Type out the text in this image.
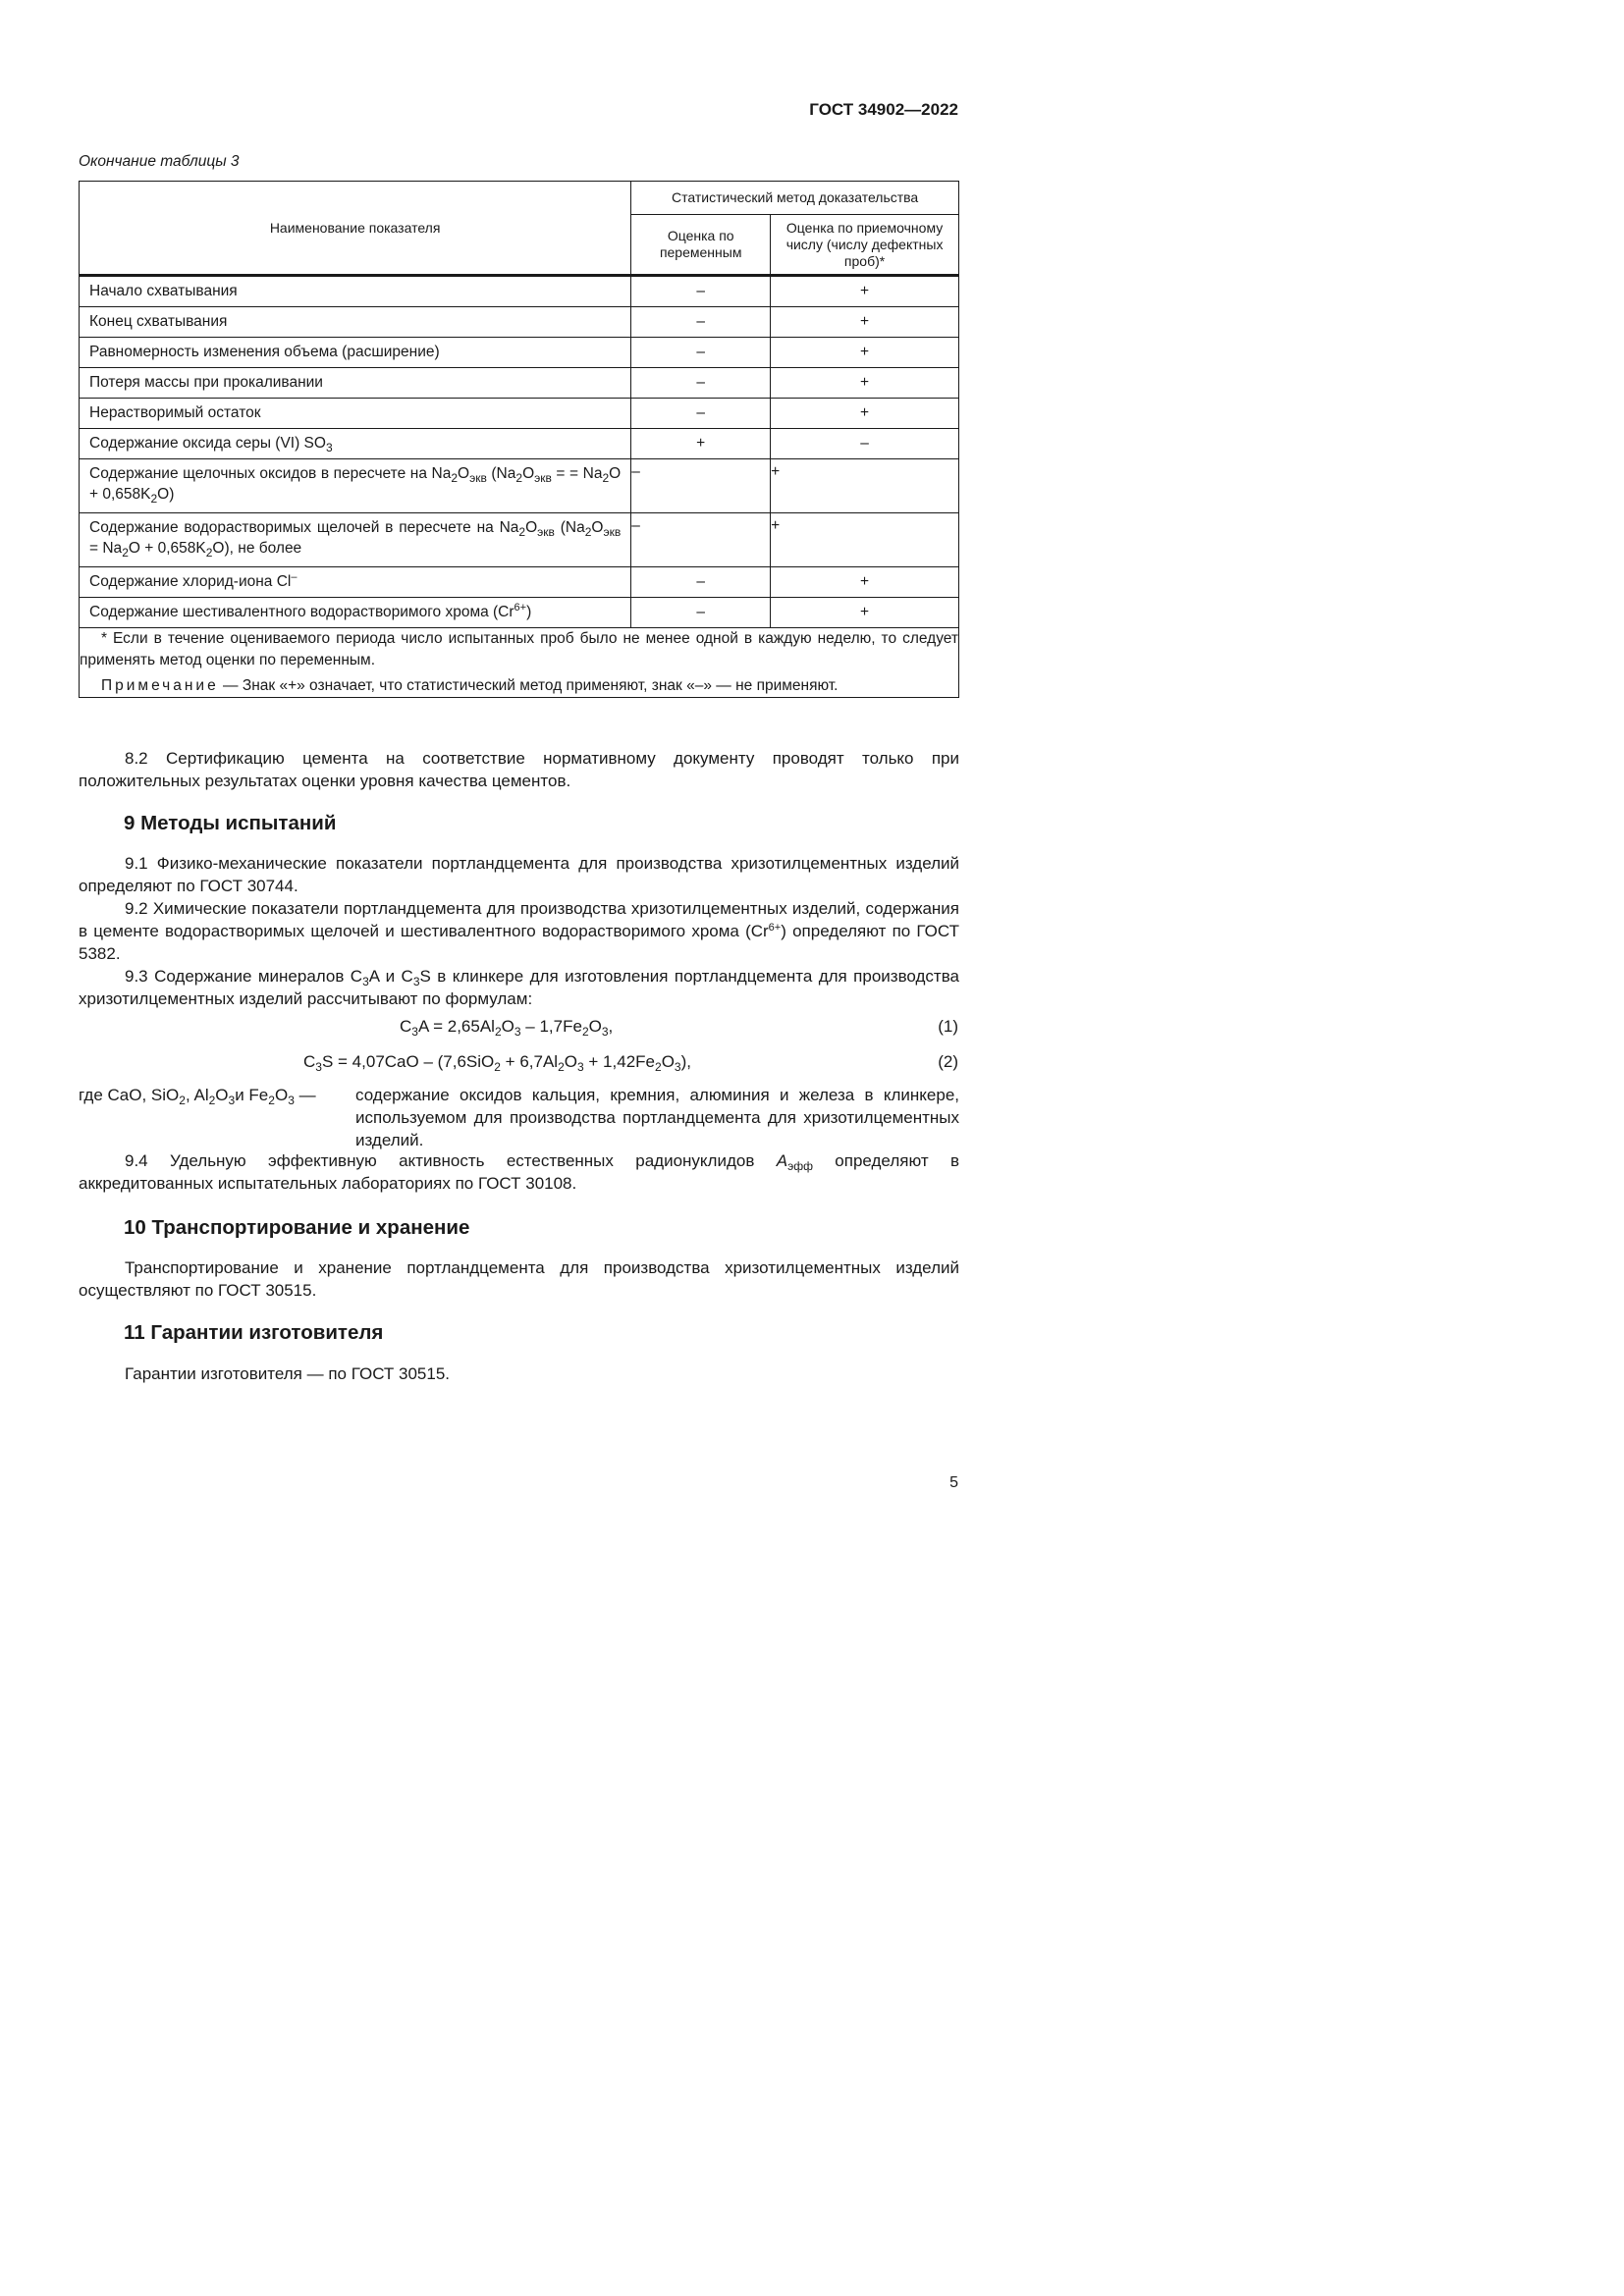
ГОСТ 34902—2022
Окончание таблицы 3
Наименование показателя	Статистический метод доказательства	
	Оценка по переменным	Оценка по приемочному числу (числу дефектных проб)*
Начало схватывания	–	+
Конец схватывания	–	+
Равномерность изменения объема (расширение)	–	+
Потеря массы при прокаливании	–	+
Нерастворимый остаток	–	+
Содержание оксида серы (VI) $SO_3$	+	–
Содержание щелочных оксидов в пересчете на $Na_2O_{экв}$ ($Na_2O_{экв}$ = = $Na_2O + 0,658K_2O$)	–	+
Содержание водорастворимых щелочей в пересчете на $Na_2O_{экв}$ $(Na_2O_{экв} = Na_2O + 0,658K_2O)$, не более	–	+
Содержание хлорид-иона Cl–	–	+
Содержание шестивалентного водорастворимого хрома $(Cr^{6+})$	–	+

* Если в течение оцениваемого периода число испытанных проб было не менее одной в каждую неделю, то следует применять метод оценки по переменным.

Примечание — Знак «+» означает, что статистический метод применяют, знак «–» — не применяют.		

8.2 Сертификацию цемента на соответствие нормативному документу проводят только при положительных результатах оценки уровня качества цементов.
9 Методы испытаний
9.1 Физико-механические показатели портландцемента для производства хризотилцементных изделий определяют по ГОСТ 30744.
9.2 Химические показатели портландцемента для производства хризотилцементных изделий, содержания в цементе водорастворимых щелочей и шестивалентного водорастворимого хрома $(Cr^{6+})$ определяют по ГОСТ 5382.
9.3 Содержание минералов $C_3A$ и $C_3S$ в клинкере для изготовления портландцемента для производства хризотилцементных изделий рассчитывают по формулам:
$C_3A = 2,65Al_2O_3 - 1,7Fe_2O_3$,	(1)
$C_3S = 4,07CaO - (7,6SiO_2 + 6,7Al_2O_3 + 1,42Fe_2O_3)$,	(2)
где CaO, SiO$_2$, $Al_2O_3и$ $Fe_2O_3$ — содержание оксидов кальция, кремния, алюминия и железа в клинкере, используемом для производства портландцемента для хризотилцементных изделий.
9.4 Удельную эффективную активность естественных радионуклидов $A_{эфф}$ определяют в аккредитованных испытательных лабораториях по ГОСТ 30108.
10 Транспортирование и хранение
Транспортирование и хранение портландцемента для производства хризотилцементных изделий осуществляют по ГОСТ 30515.
11 Гарантии изготовителя
Гарантии изготовителя — по ГОСТ 30515.
5
